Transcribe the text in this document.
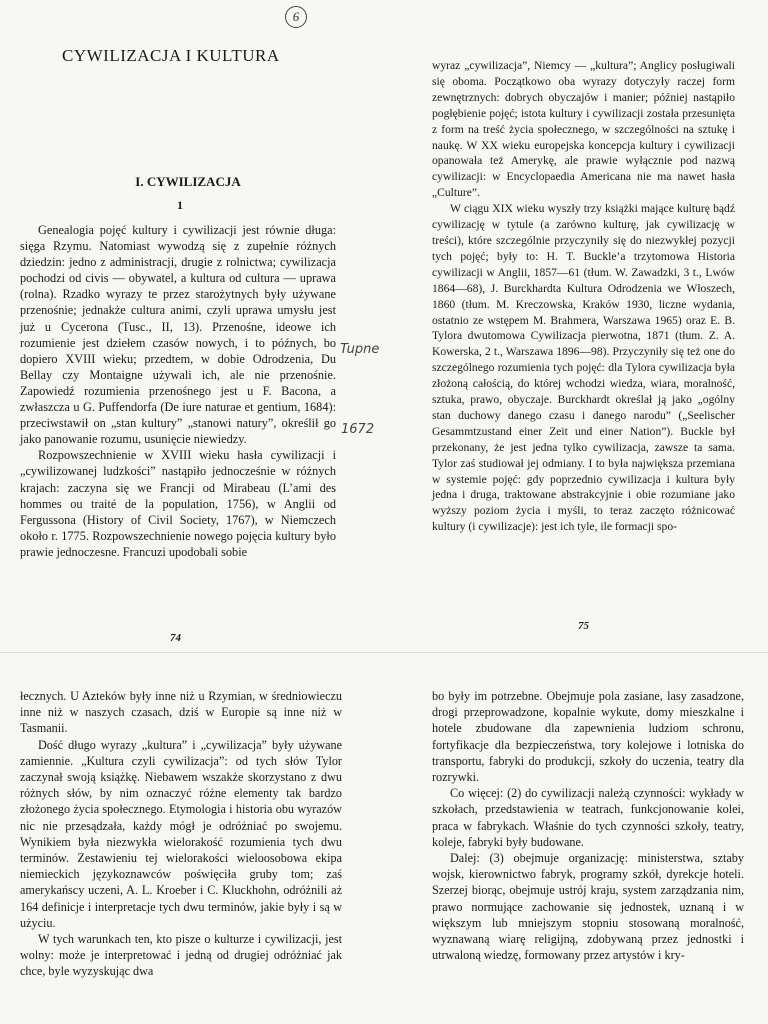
6
CYWILIZACJA I KULTURA
I. CYWILIZACJA
1

Genealogia pojęć kultury i cywilizacji jest równie długa: sięga Rzymu. Natomiast wywodzą się z zupełnie różnych dziedzin: jedno z administracji, drugie z rolnictwa; cywilizacja pochodzi od civis — obywatel, a kultura od cultura — uprawa (rolna). Rzadko wyrazy te przez starożytnych były używane przenośnie; jednakże cultura animi, czyli uprawa umysłu jest już u Cycerona (Tusc., II, 13). Przenośne, ideowe ich rozumienie jest dziełem czasów nowych, i to późnych, bo dopiero XVIII wieku; przedtem, w dobie Odrodzenia, Du Bellay czy Montaigne używali ich, ale nie przenośnie. Zapowiedź rozumienia przenośnego jest u F. Bacona, a zwłaszcza u G. Puffendorfa (De iure naturae et gentium, 1684): przeciwstawił on „stan kultury” „stanowi natury”, określił go jako panowanie rozumu, usunięcie niewiedzy.

Rozpowszechnienie w XVIII wieku hasła cywilizacji i „cywilizowanej ludzkości” nastąpiło jednocześnie w różnych krajach: zaczyna się we Francji od Mirabeau (L’ami des hommes ou traité de la population, 1756), w Anglii od Fergussona (History of Civil Society, 1767), w Niemczech około r. 1775. Rozpowszechnienie nowego pojęcia kultury było prawie jednoczesne. Francuzi upodobali sobie

wyraz „cywilizacja”, Niemcy — „kultura”; Anglicy posługiwali się oboma. Początkowo oba wyrazy dotyczyły raczej form zewnętrznych: dobrych obyczajów i manier; później nastąpiło pogłębienie pojęć; istota kultury i cywilizacji została przesunięta z form na treść życia społecznego, w szczególności na sztukę i naukę. W XX wieku europejska koncepcja kultury i cywilizacji opanowała też Amerykę, ale prawie wyłącznie pod nazwą cywilizacji: w Encyclopaedia Americana nie ma nawet hasła „Culture”.

W ciągu XIX wieku wyszły trzy książki mające kulturę bądź cywilizację w tytule (a zarówno kulturę, jak cywilizację w treści), które szczególnie przyczyniły się do niezwykłej pozycji tych pojęć; były to: H. T. Buckle’a trzytomowa Historia cywilizacji w Anglii, 1857—61 (tłum. W. Zawadzki, 3 t., Lwów 1864—68), J. Burckhardta Kultura Odrodzenia we Włoszech, 1860 (tłum. M. Kreczowska, Kraków 1930, liczne wydania, ostatnio ze wstępem M. Brahmera, Warszawa 1965) oraz E. B. Tylora dwutomowa Cywilizacja pierwotna, 1871 (tłum. Z. A. Kowerska, 2 t., Warszawa 1896—98). Przyczyniły się też one do szczególnego rozumienia tych pojęć: dla Tylora cywilizacja była złożoną całością, do której wchodzi wiedza, wiara, moralność, sztuka, prawo, obyczaje. Burckhardt określał ją jako „ogólny stan duchowy danego czasu i danego narodu” („Seelischer Gesammtzustand einer Zeit und einer Nation”). Buckle był przekonany, że jest jedna tylko cywilizacja, zawsze ta sama. Tylor zaś studiował jej odmiany. I to była największa przemiana w systemie pojęć: gdy poprzednio cywilizacja i kultura były jedna i druga, traktowane abstrakcyjnie i obie rozumiane jako wyższy poziom życia i myśli, to teraz zaczęto różnicować kultury (i cywilizacje): jest ich tyle, ile formacji spo-

Tupne
1672
74
75

łecznych. U Azteków były inne niż u Rzymian, w średniowieczu inne niż w naszych czasach, dziś w Europie są inne niż w Tasmanii.

Dość długo wyrazy „kultura” i „cywilizacja” były używane zamiennie. „Kultura czyli cywilizacja”: od tych słów Tylor zaczynał swoją książkę. Niebawem wszakże skorzystano z dwu różnych słów, by nim oznaczyć różne elementy tak bardzo złożonego życia społecznego. Etymologia i historia obu wyrazów nic nie przesądzała, każdy mógł je odróżniać po swojemu. Wynikiem była niezwykła wielorakość rozumienia tych dwu terminów. Zestawieniu tej wielorakości wieloosobowa ekipa niemieckich językoznawców poświęciła gruby tom; zaś amerykańscy uczeni, A. L. Kroeber i C. Kluckhohn, odróżnili aż 164 definicje i interpretacje tych dwu terminów, jakie były i są w użyciu.

W tych warunkach ten, kto pisze o kulturze i cywilizacji, jest wolny: może je interpretować i jedną od drugiej odróżniać jak chce, byle wyzyskując dwa

bo były im potrzebne. Obejmuje pola zasiane, lasy zasadzone, drogi przeprowadzone, kopalnie wykute, domy mieszkalne i hotele zbudowane dla zapewnienia ludziom schronu, fortyfikacje dla bezpieczeństwa, tory kolejowe i lotniska do transportu, fabryki do produkcji, szkoły do uczenia, teatry dla rozrywki.

Co więcej: (2) do cywilizacji należą czynności: wykłady w szkołach, przedstawienia w teatrach, funkcjonowanie kolei, praca w fabrykach. Właśnie do tych czynności szkoły, teatry, koleje, fabryki były budowane.

Dalej: (3) obejmuje organizację: ministerstwa, sztaby wojsk, kierownictwo fabryk, programy szkół, dyrekcje hoteli. Szerzej biorąc, obejmuje ustrój kraju, system zarządzania nim, prawo normujące zachowanie się jednostek, uznaną i w większym lub mniejszym stopniu stosowaną moralność, wyznawaną wiarę religijną, zdobywaną przez jednostki i utrwaloną wiedzę, formowany przez artystów i kry-
